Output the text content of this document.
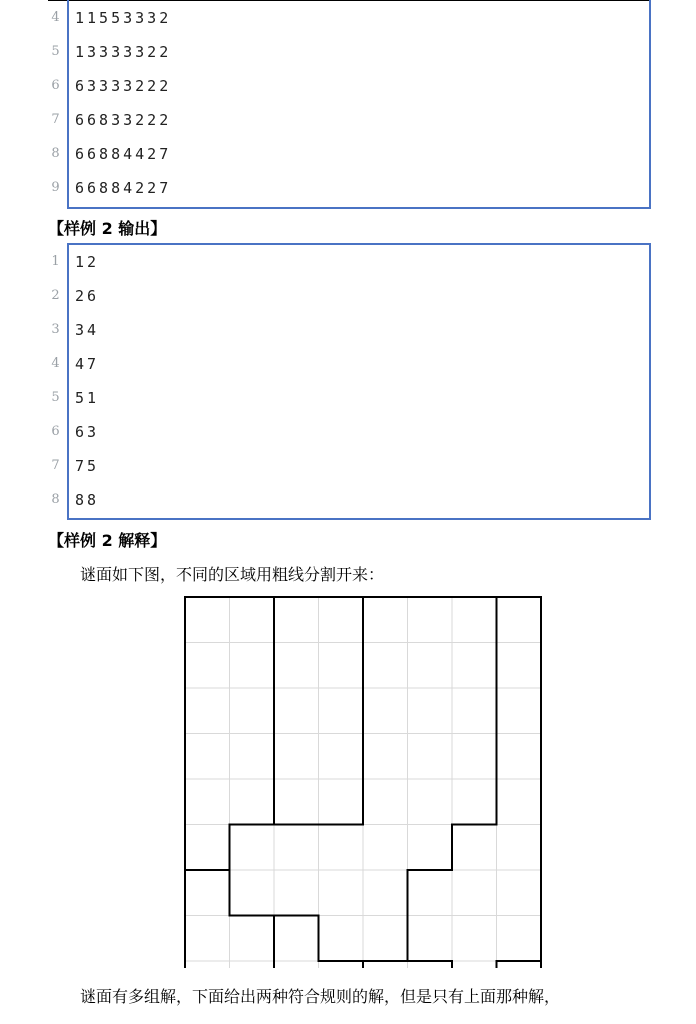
4 11553332
5 13333322
6 63333222
7 66833222
8 66884427
9 66884227
【样例 2 输出】
1 12
2 26
3 34
4 47
5 51
6 63
7 75
8 88
【样例 2 解释】
谜面如下图，不同的区域用粗线分割开来：
谜面有多组解，下面给出两种符合规则的解，但是只有上面那种解，
